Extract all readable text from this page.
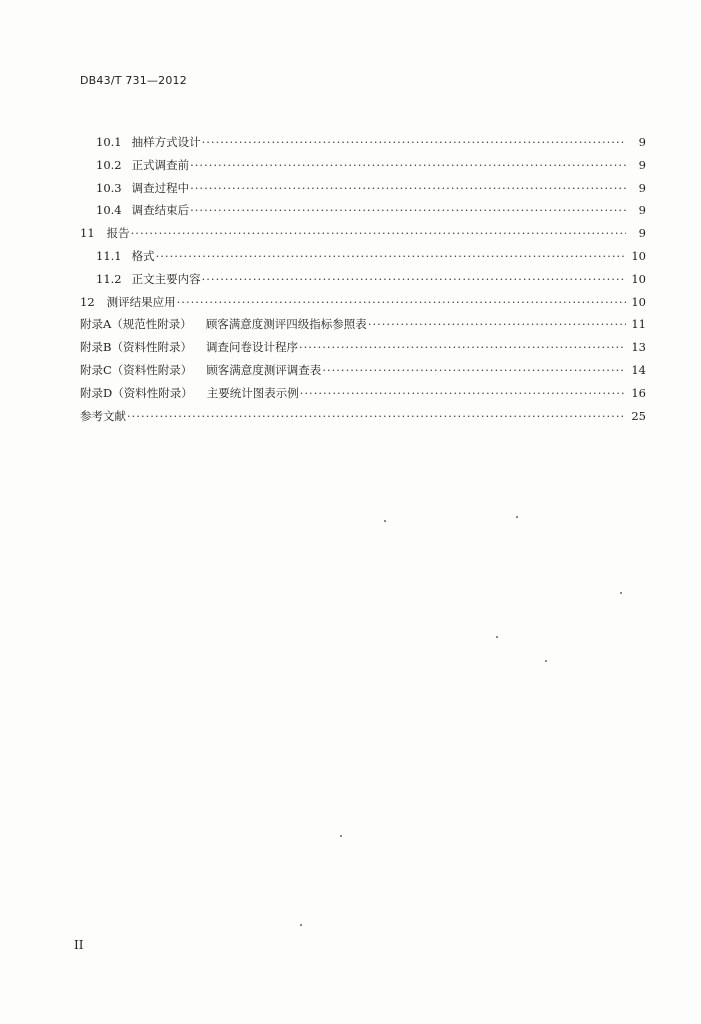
DB43/T 731—2012
10.1 抽样方式设计 ·····	9
10.2 正式调查前 ·····	9
10.3 调查过程中 ·····	9
10.4 调查结束后 ·····	9
11 报告 ·····	9
11.1 格式 ·····	10
11.2 正文主要内容 ·····	10
12 测评结果应用 ·····	10
附录A（规范性附录） 顾客满意度测评四级指标参照表 ·····	11
附录B（资料性附录） 调查问卷设计程序 ·····	13
附录C（资料性附录） 顾客满意度测评调查表 ·····	14
附录D（资料性附录） 主要统计图表示例 ·····	16
参考文献 ·····	25
II
